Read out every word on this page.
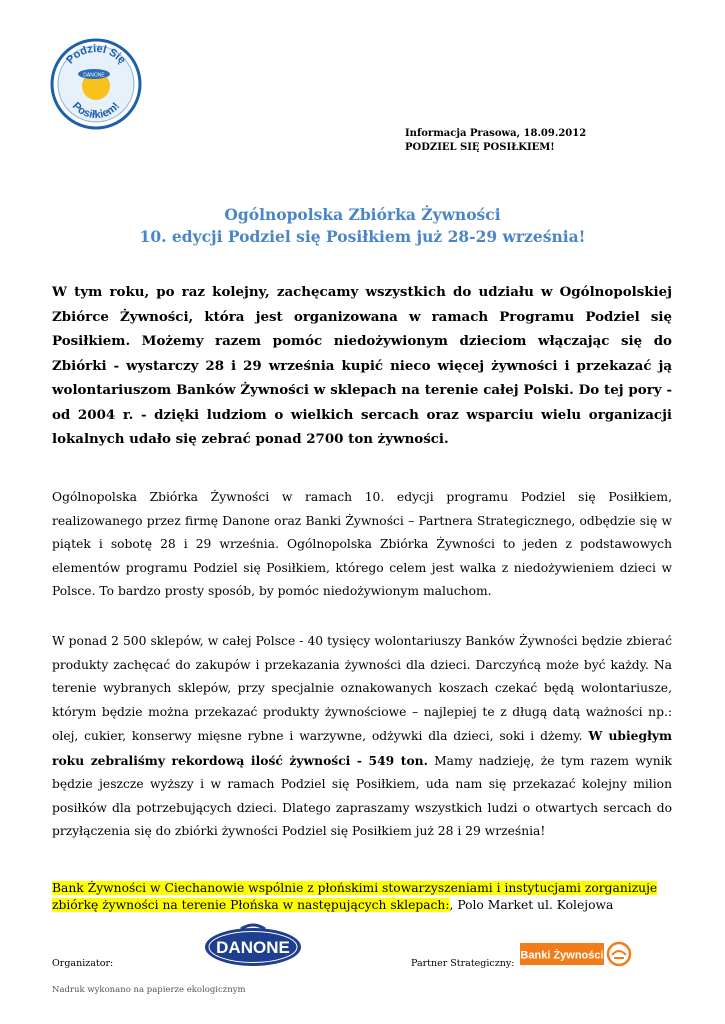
DANONE
Podziel Się
Posiłkiem!
Informacja Prasowa, 18.09.2012
PODZIEL SIĘ POSIŁKIEM!
Ogólnopolska Zbiórka Żywności
10. edycji Podziel się Posiłkiem już 28-29 września!
W tym roku, po raz kolejny, zachęcamy wszystkich do udziału w Ogólnopolskiej Zbiórce Żywności, która jest organizowana w ramach Programu Podziel się Posiłkiem. Możemy razem pomóc niedożywionym dzieciom włączając się do Zbiórki - wystarczy 28 i 29 września kupić nieco więcej żywności i przekazać ją wolontariuszom Banków Żywności w sklepach na terenie całej Polski. Do tej pory - od 2004 r. - dzięki ludziom o wielkich sercach oraz wsparciu wielu organizacji lokalnych udało się zebrać ponad 2700 ton żywności.
Ogólnopolska Zbiórka Żywności w ramach 10. edycji programu Podziel się Posiłkiem, realizowanego przez firmę Danone oraz Banki Żywności – Partnera Strategicznego, odbędzie się w piątek i sobotę 28 i 29 września. Ogólnopolska Zbiórka Żywności to jeden z podstawowych elementów programu Podziel się Posiłkiem, którego celem jest walka z niedożywieniem dzieci w Polsce. To bardzo prosty sposób, by pomóc niedożywionym maluchom.
W ponad 2 500 sklepów, w całej Polsce - 40 tysięcy wolontariuszy Banków Żywności będzie zbierać produkty zachęcać do zakupów i przekazania żywności dla dzieci. Darczyńcą może być każdy. Na terenie wybranych sklepów, przy specjalnie oznakowanych koszach czekać będą wolontariusze, którym będzie można przekazać produkty żywnościowe – najlepiej te z długą datą ważności np.: olej, cukier, konserwy mięsne rybne i warzywne, odżywki dla dzieci, soki i dżemy. W ubiegłym roku zebraliśmy rekordową ilość żywności - 549 ton. Mamy nadzieję, że tym razem wynik będzie jeszcze wyższy i w ramach Podziel się Posiłkiem, uda nam się przekazać kolejny milion posiłków dla potrzebujących dzieci. Dlatego zapraszamy wszystkich ludzi o otwartych sercach do przyłączenia się do zbiórki żywności Podziel się Posiłkiem już 28 i 29 września!
Bank Żywności w Ciechanowie wspólnie z płońskimi stowarzyszeniami i instytucjami zorganizuje zbiórkę żywności na terenie Płońska w następujących sklepach:, Polo Market ul. Kolejowa
DANONE
Organizator:	Partner Strategiczny:
Banki Żywności
Nadruk wykonano na papierze ekologicznym
